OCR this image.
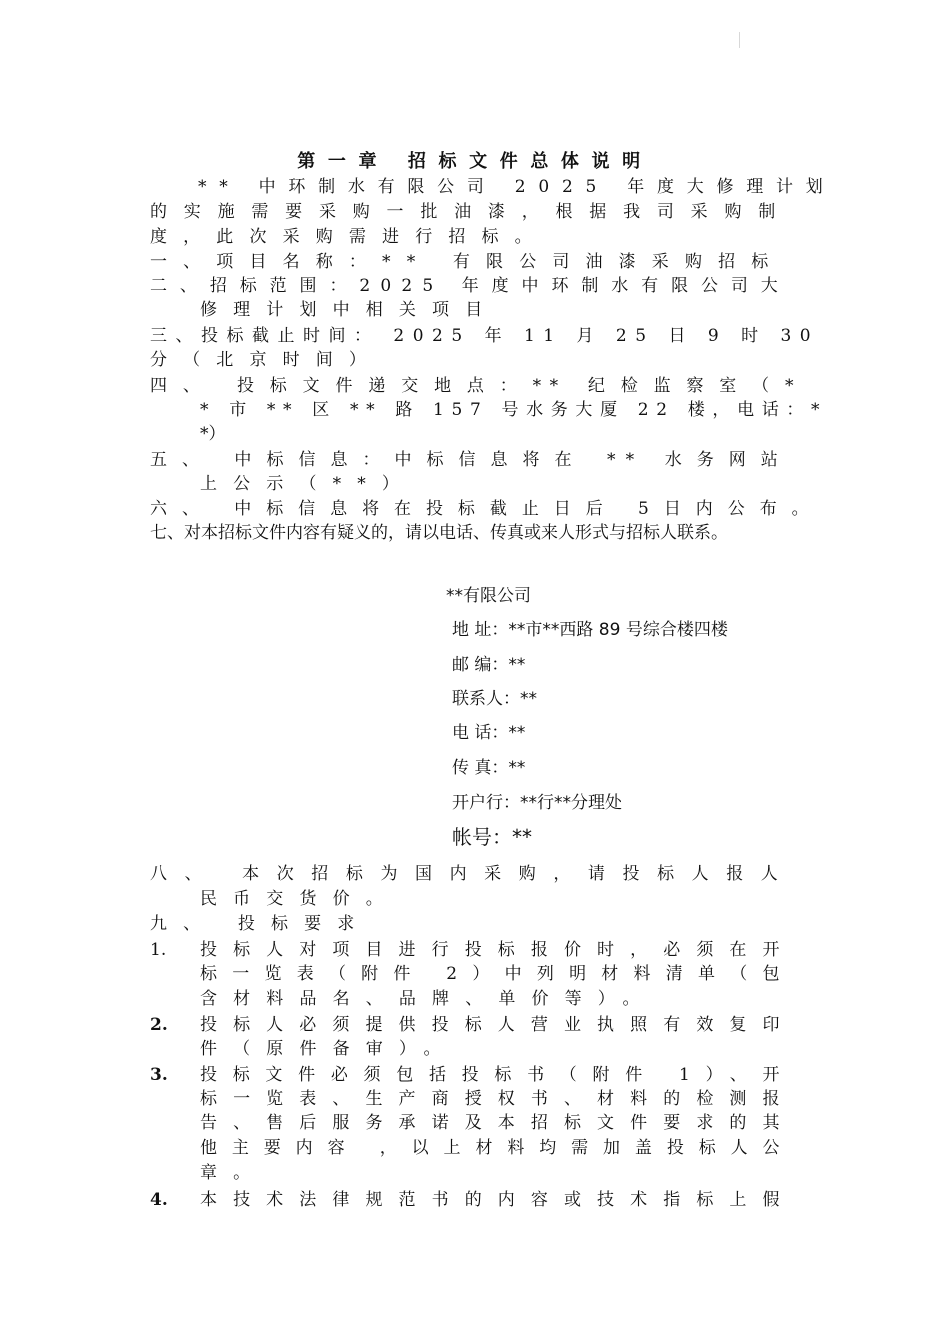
第一章 招标文件总体说明
** 中环制水有限公司 2025 年度大修理计划
的实施需要采购一批油漆，根据我司采购制
度，此次采购需进行招标。
一、项目名称：** 有限公司油漆采购招标
二、招标范围：2025 年度中环制水有限公司大
修理计划中相关项目
三、投标截止时间： 2025 年 11 月 25 日 9 时 30
分（北京时间）
四、 投标文件递交地点：** 纪检监察室（*
* 市 ** 区 ** 路 157 号水务大厦 22 楼，电话：*
*）
五、 中标信息：中标信息将在 ** 水务网站
上公示（**）
六、 中标信息将在投标截止日后 5日内公布。
七、对本招标文件内容有疑义的，请以电话、传真或来人形式与招标人联系。
**有限公司
地 址：**市**西路 89 号综合楼四楼
邮 编：**
联系人：**
电 话：**
传 真：**
开户行：**行**分理处
帐号：**
八、 本次招标为国内采购，请投标人报人
民币交货价。
九、 投标要求
1. 投标人对项目进行投标报价时，必须在开
标一览表（附件 2）中列明材料清单（包
含材料品名、品牌、单价等）。
2. 投标人必须提供投标人营业执照有效复印
件（原件备审）。
3. 投标文件必须包括投标书（附件 1）、开
标一览表、生产商授权书、材料的检测报
告、售后服务承诺及本招标文件要求的其
他主要内容 ，以上材料均需加盖投标人公
章。
4. 本技术法律规范书的内容或技术指标上假
